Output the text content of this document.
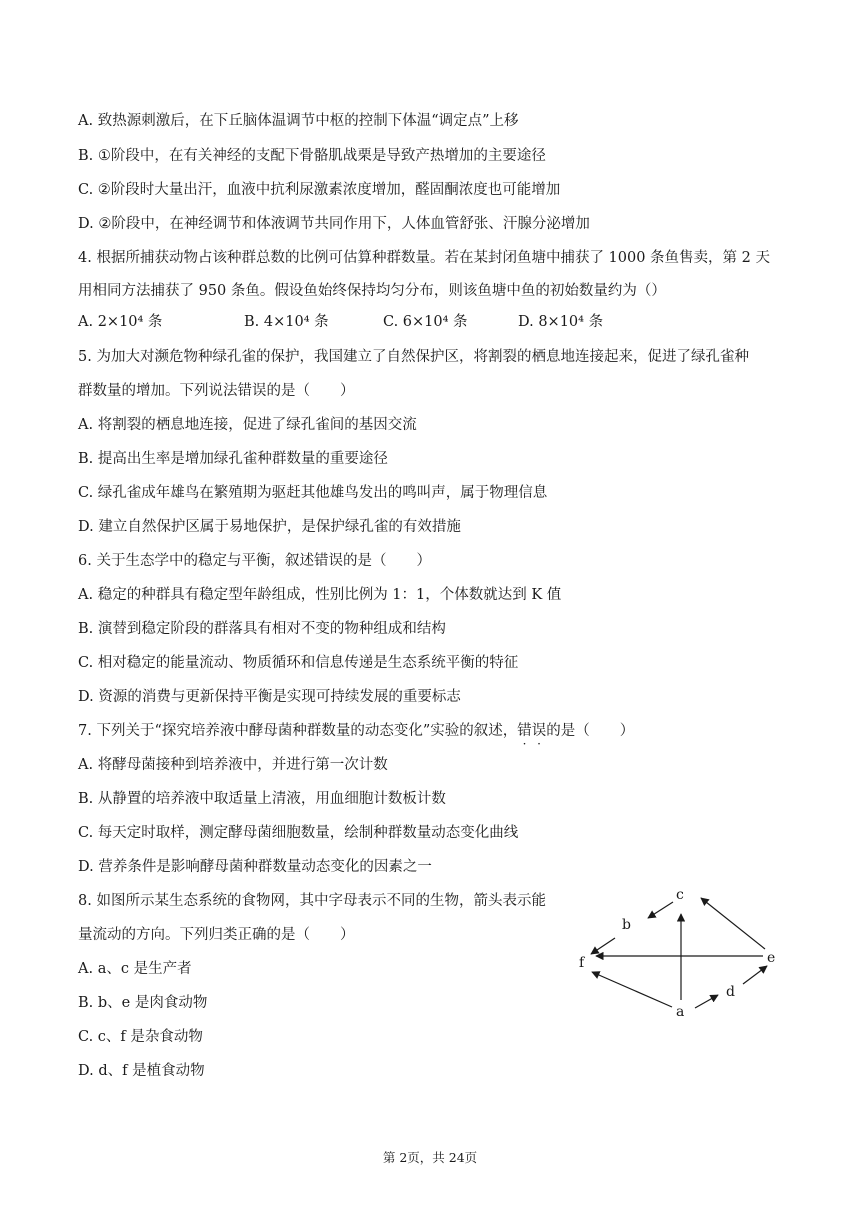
A. 致热源刺激后，在下丘脑体温调节中枢的控制下体温“调定点”上移
B. ①阶段中，在有关神经的支配下骨骼肌战栗是导致产热增加的主要途径
C. ②阶段时大量出汗，血液中抗利尿激素浓度增加，醛固酮浓度也可能增加
D. ②阶段中，在神经调节和体液调节共同作用下，人体血管舒张、汗腺分泌增加
4. 根据所捕获动物占该种群总数的比例可估算种群数量。若在某封闭鱼塘中捕获了 1000 条鱼售卖，第 2 天
用相同方法捕获了 950 条鱼。假设鱼始终保持均匀分布，则该鱼塘中鱼的初始数量约为（）
A. 2×10⁴ 条	B. 4×10⁴ 条	C. 6×10⁴ 条	D. 8×10⁴ 条
5. 为加大对濒危物种绿孔雀的保护，我国建立了自然保护区，将割裂的栖息地连接起来，促进了绿孔雀种
群数量的增加。下列说法错误的是（ ）
A. 将割裂的栖息地连接，促进了绿孔雀间的基因交流
B. 提高出生率是增加绿孔雀种群数量的重要途径
C. 绿孔雀成年雄鸟在繁殖期为驱赶其他雄鸟发出的鸣叫声，属于物理信息
D. 建立自然保护区属于易地保护，是保护绿孔雀的有效措施
6. 关于生态学中的稳定与平衡，叙述错误的是（ ）
A. 稳定的种群具有稳定型年龄组成，性别比例为 1：1，个体数就达到 K 值
B. 演替到稳定阶段的群落具有相对不变的物种组成和结构
C. 相对稳定的能量流动、物质循环和信息传递是生态系统平衡的特征
D. 资源的消费与更新保持平衡是实现可持续发展的重要标志
7. 下列关于“探究培养液中酵母菌种群数量的动态变化”实验的叙述，错误的是（ ）
A. 将酵母菌接种到培养液中，并进行第一次计数
B. 从静置的培养液中取适量上清液，用血细胞计数板计数
C. 每天定时取样，测定酵母菌细胞数量，绘制种群数量动态变化曲线
D. 营养条件是影响酵母菌种群数量动态变化的因素之一
8. 如图所示某生态系统的食物网，其中字母表示不同的生物，箭头表示能
量流动的方向。下列归类正确的是（ ）
A. a、c 是生产者
B. b、e 是肉食动物
C. c、f 是杂食动物
D. d、f 是植食动物
c
b
f	e
d
a
第 2页，共 24页
